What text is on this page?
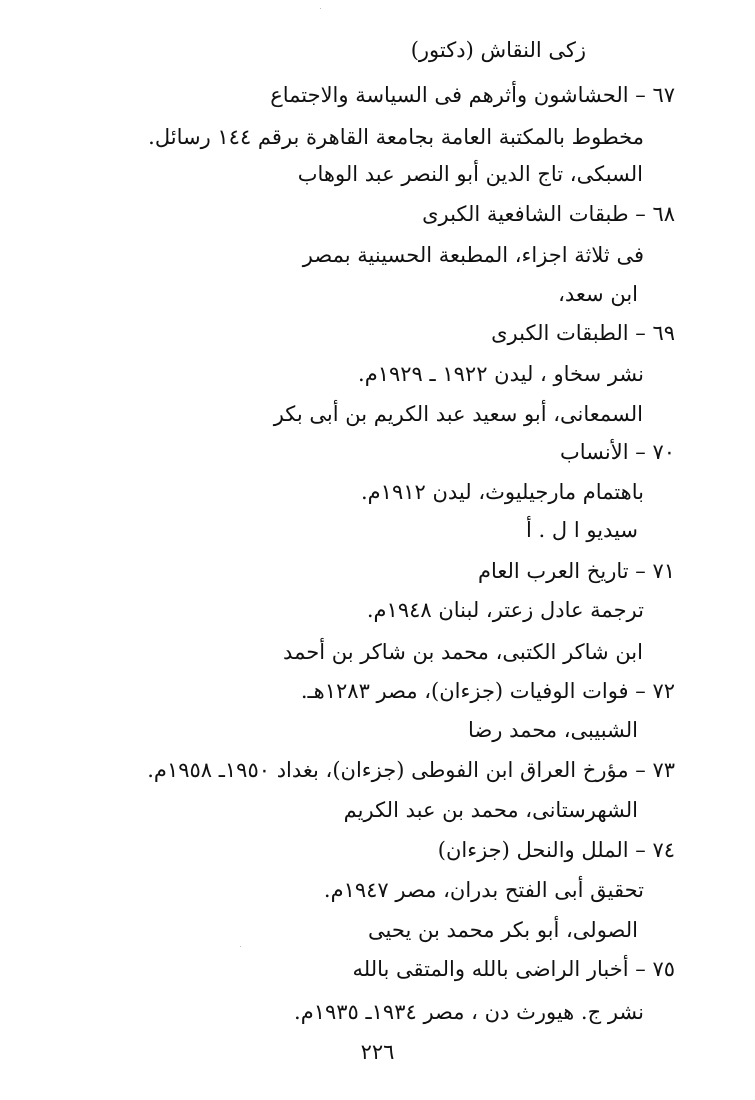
زكى النقاش (دكتور)
٦٧ – الحشاشون وأثرهم فى السياسة والاجتماع
مخطوط بالمكتبة العامة بجامعة القاهرة برقم ١٤٤ رسائل.
السبكى، تاج الدين أبو النصر عبد الوهاب
٦٨ – طبقات الشافعية الكبرى
فى ثلاثة اجزاء، المطبعة الحسينية بمصر
ابن سعد،
٦٩ – الطبقات الكبرى
نشر سخاو ، ليدن ١٩٢٢ ـ ١٩٢٩م.
السمعانى، أبو سعيد عبد الكريم بن أبى بكر
٧٠ – الأنساب
باهتمام مارجيليوث، ليدن ١٩١٢م.
سيديو ا ل . أ
٧١ – تاريخ العرب العام
ترجمة عادل زعتر، لبنان ١٩٤٨م.
ابن شاكر الكتبى، محمد بن شاكر بن أحمد
٧٢ – فوات الوفيات (جزءان)، مصر ١٢٨٣هـ.
الشبيبى، محمد رضا
٧٣ – مؤرخ العراق ابن الفوطى (جزءان)، بغداد ١٩٥٠ـ ١٩٥٨م.
الشهرستانى، محمد بن عبد الكريم
٧٤ – الملل والنحل (جزءان)
تحقيق أبى الفتح بدران، مصر ١٩٤٧م.
الصولى، أبو بكر محمد بن يحيى
٧٥ – أخبار الراضى بالله والمتقى بالله
نشر ج. هيورث دن ، مصر ١٩٣٤ـ ١٩٣٥م.
٢٢٦
